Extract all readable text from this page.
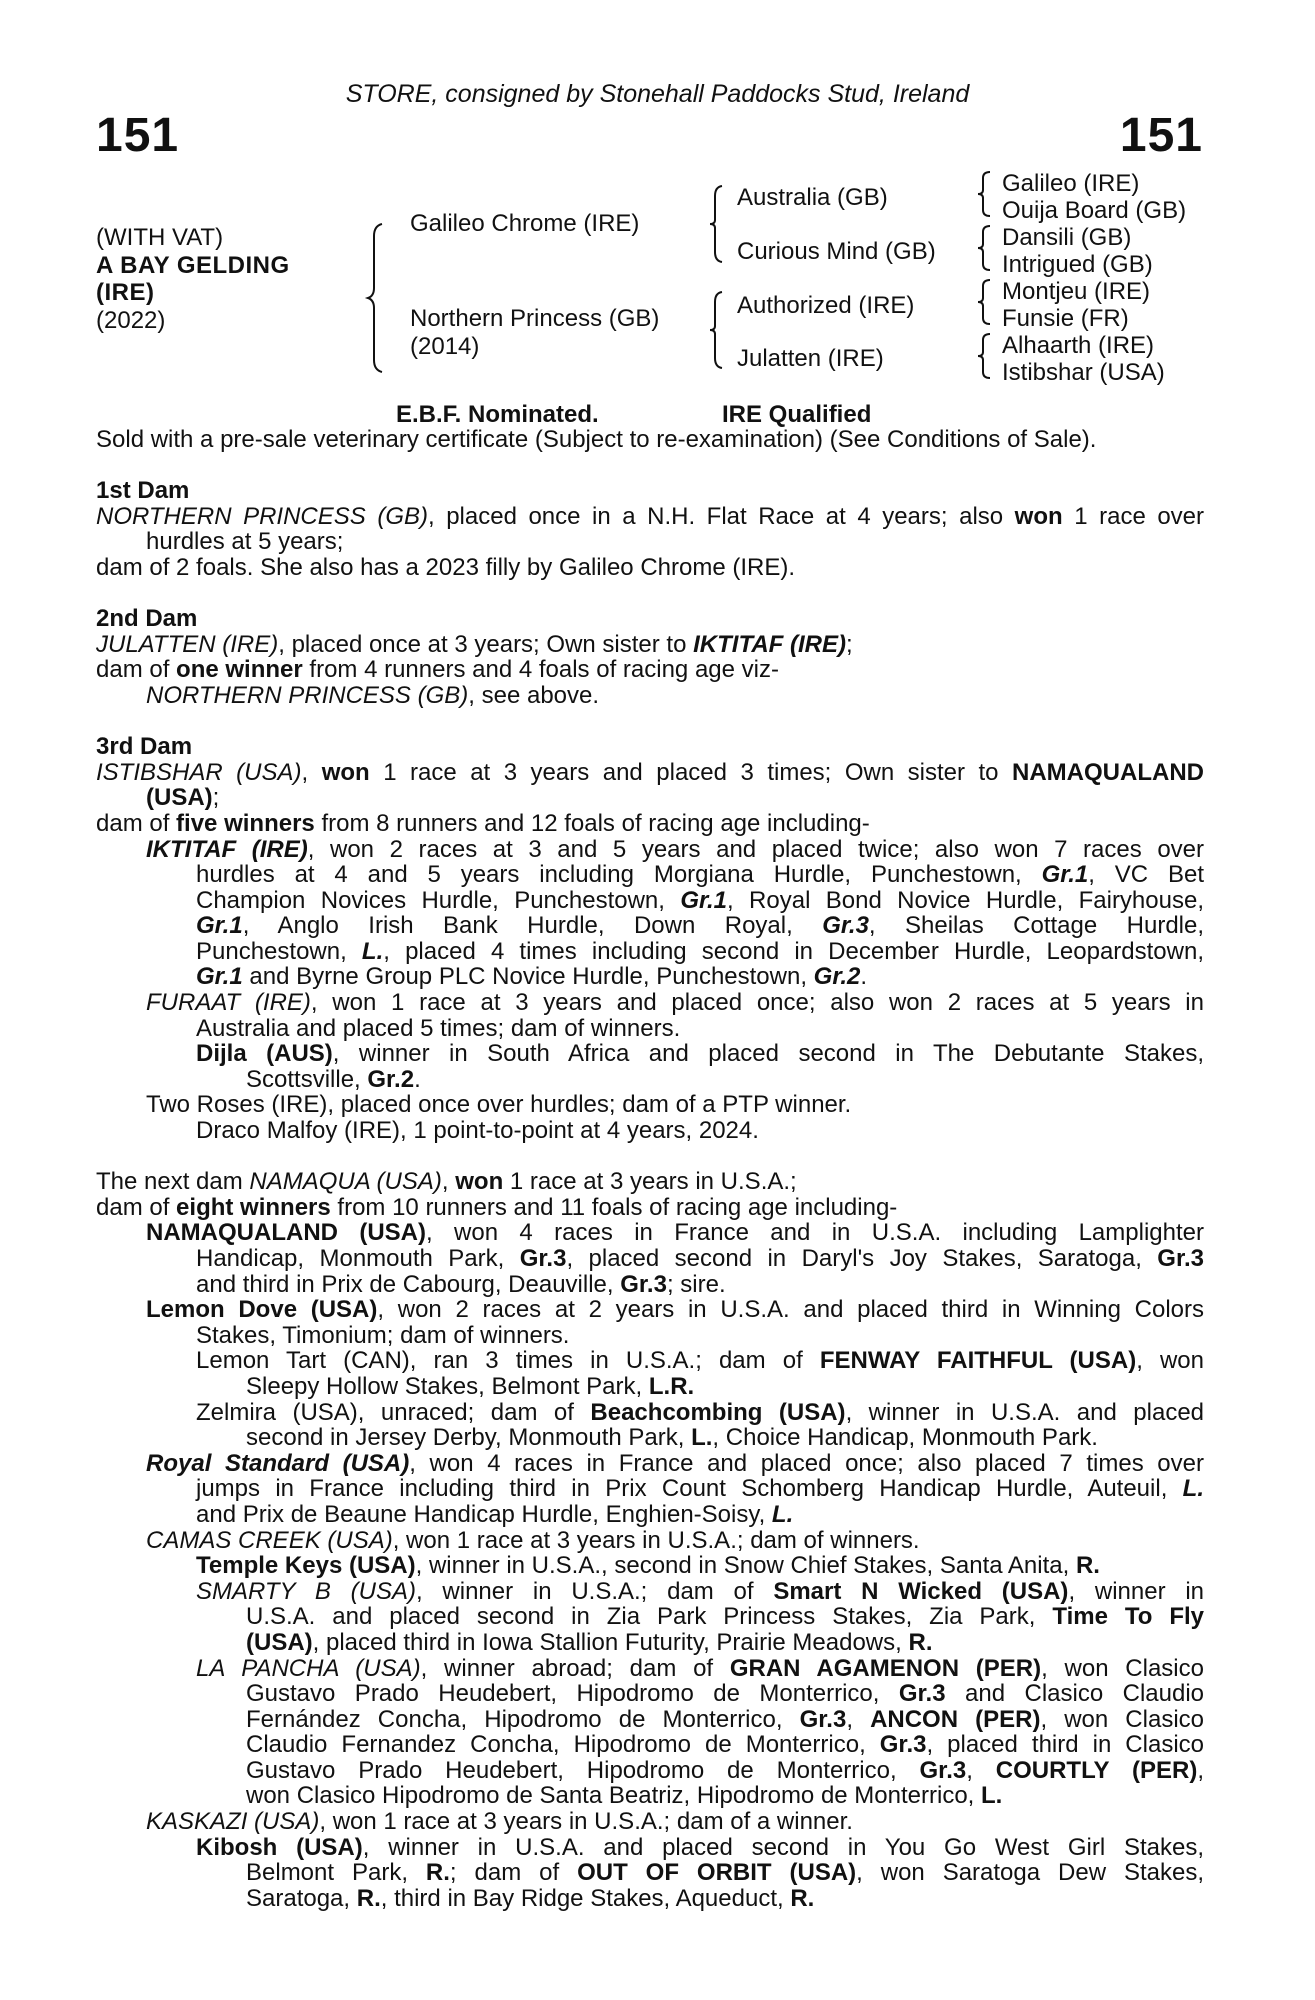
STORE, consigned by Stonehall Paddocks Stud, Ireland
151	151
(WITH VAT)
A BAY GELDING
(IRE)
(2022)
Galileo Chrome (IRE)
Northern Princess (GB)
(2014)
Australia (GB)
Curious Mind (GB)
Authorized (IRE)
Julatten (IRE)
Galileo (IRE)
Ouija Board (GB)
Dansili (GB)
Intrigued (GB)
Montjeu (IRE)
Funsie (FR)
Alhaarth (IRE)
Istibshar (USA)
E.B.F. Nominated.	IRE Qualified
Sold with a pre-sale veterinary certificate (Subject to re-examination) (See Conditions of Sale).
1st Dam
NORTHERN PRINCESS (GB), placed once in a N.H. Flat Race at 4 years; also won 1 race over
hurdles at 5 years;
dam of 2 foals. She also has a 2023 filly by Galileo Chrome (IRE).
2nd Dam
JULATTEN (IRE), placed once at 3 years; Own sister to IKTITAF (IRE);
dam of one winner from 4 runners and 4 foals of racing age viz-
NORTHERN PRINCESS (GB), see above.
3rd Dam
ISTIBSHAR (USA), won 1 race at 3 years and placed 3 times; Own sister to NAMAQUALAND
(USA);
dam of five winners from 8 runners and 12 foals of racing age including-
IKTITAF (IRE), won 2 races at 3 and 5 years and placed twice; also won 7 races over
hurdles at 4 and 5 years including Morgiana Hurdle, Punchestown, Gr.1, VC Bet
Champion Novices Hurdle, Punchestown, Gr.1, Royal Bond Novice Hurdle, Fairyhouse,
Gr.1, Anglo Irish Bank Hurdle, Down Royal, Gr.3, Sheilas Cottage Hurdle,
Punchestown, L., placed 4 times including second in December Hurdle, Leopardstown,
Gr.1 and Byrne Group PLC Novice Hurdle, Punchestown, Gr.2.
FURAAT (IRE), won 1 race at 3 years and placed once; also won 2 races at 5 years in
Australia and placed 5 times; dam of winners.
Dijla (AUS), winner in South Africa and placed second in The Debutante Stakes,
Scottsville, Gr.2.
Two Roses (IRE), placed once over hurdles; dam of a PTP winner.
Draco Malfoy (IRE), 1 point-to-point at 4 years, 2024.
The next dam NAMAQUA (USA), won 1 race at 3 years in U.S.A.;
dam of eight winners from 10 runners and 11 foals of racing age including-
NAMAQUALAND (USA), won 4 races in France and in U.S.A. including Lamplighter
Handicap, Monmouth Park, Gr.3, placed second in Daryl's Joy Stakes, Saratoga, Gr.3
and third in Prix de Cabourg, Deauville, Gr.3; sire.
Lemon Dove (USA), won 2 races at 2 years in U.S.A. and placed third in Winning Colors
Stakes, Timonium; dam of winners.
Lemon Tart (CAN), ran 3 times in U.S.A.; dam of FENWAY FAITHFUL (USA), won
Sleepy Hollow Stakes, Belmont Park, L.R.
Zelmira (USA), unraced; dam of Beachcombing (USA), winner in U.S.A. and placed
second in Jersey Derby, Monmouth Park, L., Choice Handicap, Monmouth Park.
Royal Standard (USA), won 4 races in France and placed once; also placed 7 times over
jumps in France including third in Prix Count Schomberg Handicap Hurdle, Auteuil, L.
and Prix de Beaune Handicap Hurdle, Enghien-Soisy, L.
CAMAS CREEK (USA), won 1 race at 3 years in U.S.A.; dam of winners.
Temple Keys (USA), winner in U.S.A., second in Snow Chief Stakes, Santa Anita, R.
SMARTY B (USA), winner in U.S.A.; dam of Smart N Wicked (USA), winner in
U.S.A. and placed second in Zia Park Princess Stakes, Zia Park, Time To Fly
(USA), placed third in Iowa Stallion Futurity, Prairie Meadows, R.
LA PANCHA (USA), winner abroad; dam of GRAN AGAMENON (PER), won Clasico
Gustavo Prado Heudebert, Hipodromo de Monterrico, Gr.3 and Clasico Claudio
Fernández Concha, Hipodromo de Monterrico, Gr.3, ANCON (PER), won Clasico
Claudio Fernandez Concha, Hipodromo de Monterrico, Gr.3, placed third in Clasico
Gustavo Prado Heudebert, Hipodromo de Monterrico, Gr.3, COURTLY (PER),
won Clasico Hipodromo de Santa Beatriz, Hipodromo de Monterrico, L.
KASKAZI (USA), won 1 race at 3 years in U.S.A.; dam of a winner.
Kibosh (USA), winner in U.S.A. and placed second in You Go West Girl Stakes,
Belmont Park, R.; dam of OUT OF ORBIT (USA), won Saratoga Dew Stakes,
Saratoga, R., third in Bay Ridge Stakes, Aqueduct, R.
